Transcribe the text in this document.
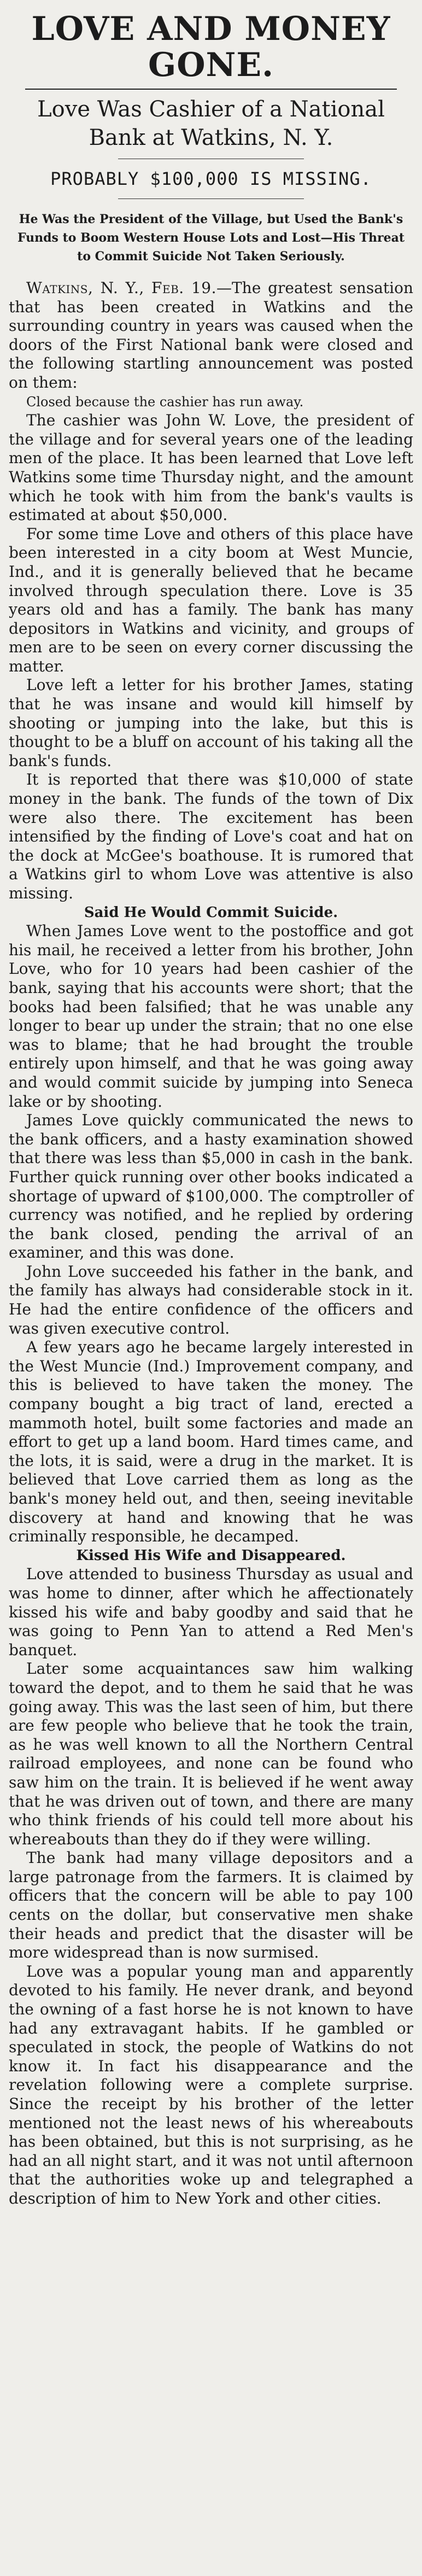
LOVE AND MONEY GONE.
Love Was Cashier of a National Bank at Watkins, N. Y.
PROBABLY $100,000 IS MISSING.
He Was the President of the Village, but Used the Bank's Funds to Boom Western House Lots and Lost—His Threat to Commit Suicide Not Taken Seriously.

Watkins, N. Y., Feb. 19.—The greatest sensation that has been created in Watkins and the surrounding country in years was caused when the doors of the First National bank were closed and the following startling announcement was posted on them:

Closed because the cashier has run away.

The cashier was John W. Love, the president of the village and for several years one of the leading men of the place. It has been learned that Love left Watkins some time Thursday night, and the amount which he took with him from the bank's vaults is estimated at about $50,000.

For some time Love and others of this place have been interested in a city boom at West Muncie, Ind., and it is generally believed that he became involved through speculation there. Love is 35 years old and has a family. The bank has many depositors in Watkins and vicinity, and groups of men are to be seen on every corner discussing the matter.

Love left a letter for his brother James, stating that he was insane and would kill himself by shooting or jumping into the lake, but this is thought to be a bluff on account of his taking all the bank's funds.

It is reported that there was $10,000 of state money in the bank. The funds of the town of Dix were also there. The excitement has been intensified by the finding of Love's coat and hat on the dock at McGee's boathouse. It is rumored that a Watkins girl to whom Love was attentive is also missing.

Said He Would Commit Suicide.

When James Love went to the postoffice and got his mail, he received a letter from his brother, John Love, who for 10 years had been cashier of the bank, saying that his accounts were short; that the books had been falsified; that he was unable any longer to bear up under the strain; that no one else was to blame; that he had brought the trouble entirely upon himself, and that he was going away and would commit suicide by jumping into Seneca lake or by shooting.

James Love quickly communicated the news to the bank officers, and a hasty examination showed that there was less than $5,000 in cash in the bank. Further quick running over other books indicated a shortage of upward of $100,000. The comptroller of currency was notified, and he replied by ordering the bank closed, pending the arrival of an examiner, and this was done.

John Love succeeded his father in the bank, and the family has always had considerable stock in it. He had the entire confidence of the officers and was given executive control.

A few years ago he became largely interested in the West Muncie (Ind.) Improvement company, and this is believed to have taken the money. The company bought a big tract of land, erected a mammoth hotel, built some factories and made an effort to get up a land boom. Hard times came, and the lots, it is said, were a drug in the market. It is believed that Love carried them as long as the bank's money held out, and then, seeing inevitable discovery at hand and knowing that he was criminally responsible, he decamped.

Kissed His Wife and Disappeared.

Love attended to business Thursday as usual and was home to dinner, after which he affectionately kissed his wife and baby goodby and said that he was going to Penn Yan to attend a Red Men's banquet.

Later some acquaintances saw him walking toward the depot, and to them he said that he was going away. This was the last seen of him, but there are few people who believe that he took the train, as he was well known to all the Northern Central railroad employees, and none can be found who saw him on the train. It is believed if he went away that he was driven out of town, and there are many who think friends of his could tell more about his whereabouts than they do if they were willing.

The bank had many village depositors and a large patronage from the farmers. It is claimed by officers that the concern will be able to pay 100 cents on the dollar, but conservative men shake their heads and predict that the disaster will be more widespread than is now surmised.

Love was a popular young man and apparently devoted to his family. He never drank, and beyond the owning of a fast horse he is not known to have had any extravagant habits. If he gambled or speculated in stock, the people of Watkins do not know it. In fact his disappearance and the revelation following were a complete surprise. Since the receipt by his brother of the letter mentioned not the least news of his whereabouts has been obtained, but this is not surprising, as he had an all night start, and it was not until afternoon that the authorities woke up and telegraphed a description of him to New York and other cities.
